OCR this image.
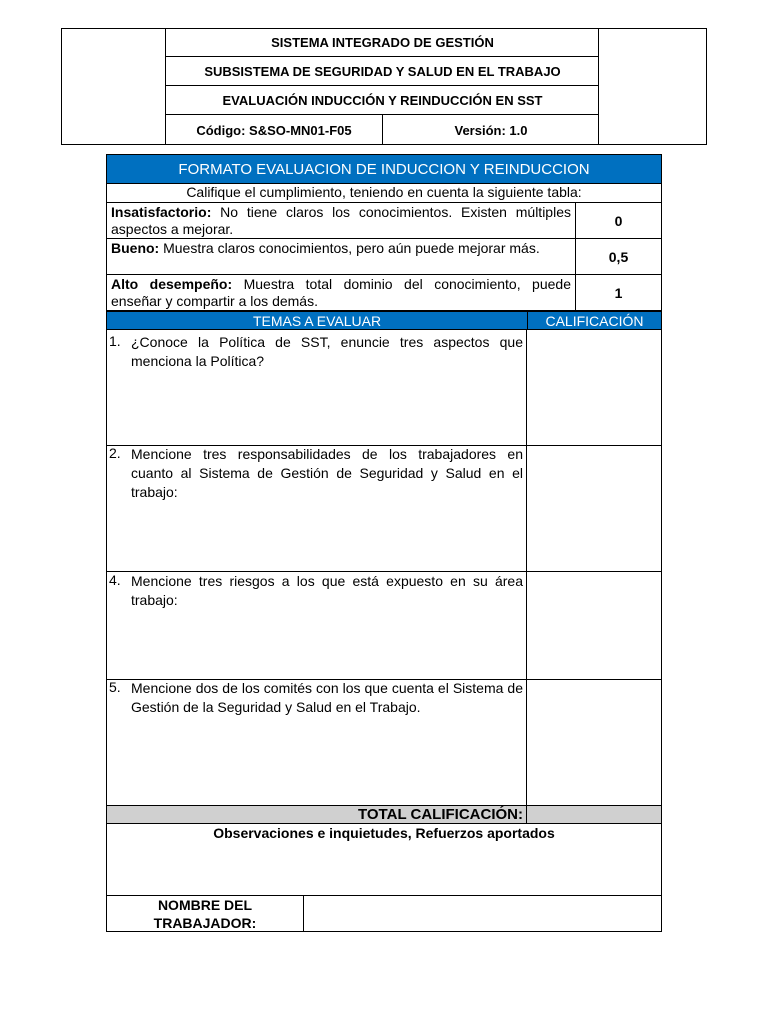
SISTEMA INTEGRADO DE GESTIÓN
SUBSISTEMA DE SEGURIDAD Y SALUD EN EL TRABAJO
EVALUACIÓN INDUCCIÓN Y REINDUCCIÓN EN SST
Código: S&SO-MN01-F05	Versión: 1.0
FORMATO EVALUACION DE INDUCCION Y REINDUCCION
Califique el cumplimiento, teniendo en cuenta la siguiente tabla:
Insatisfactorio: No tiene claros los conocimientos. Existen múltiples aspectos a mejorar.
0
Bueno: Muestra claros conocimientos, pero aún puede mejorar más.
0,5
Alto desempeño: Muestra total dominio del conocimiento, puede enseñar y compartir a los demás.
1
TEMAS A EVALUAR	CALIFICACIÓN
1. ¿Conoce la Política de SST, enuncie tres aspectos que menciona la Política?
2. Mencione tres responsabilidades de los trabajadores en cuanto al Sistema de Gestión de Seguridad y Salud en el trabajo:
4. Mencione tres riesgos a los que está expuesto en su área trabajo:
5. Mencione dos de los comités con los que cuenta el Sistema de Gestión de la Seguridad y Salud en el Trabajo.
TOTAL CALIFICACIÓN:
Observaciones e inquietudes, Refuerzos aportados
NOMBRE DEL TRABAJADOR:
